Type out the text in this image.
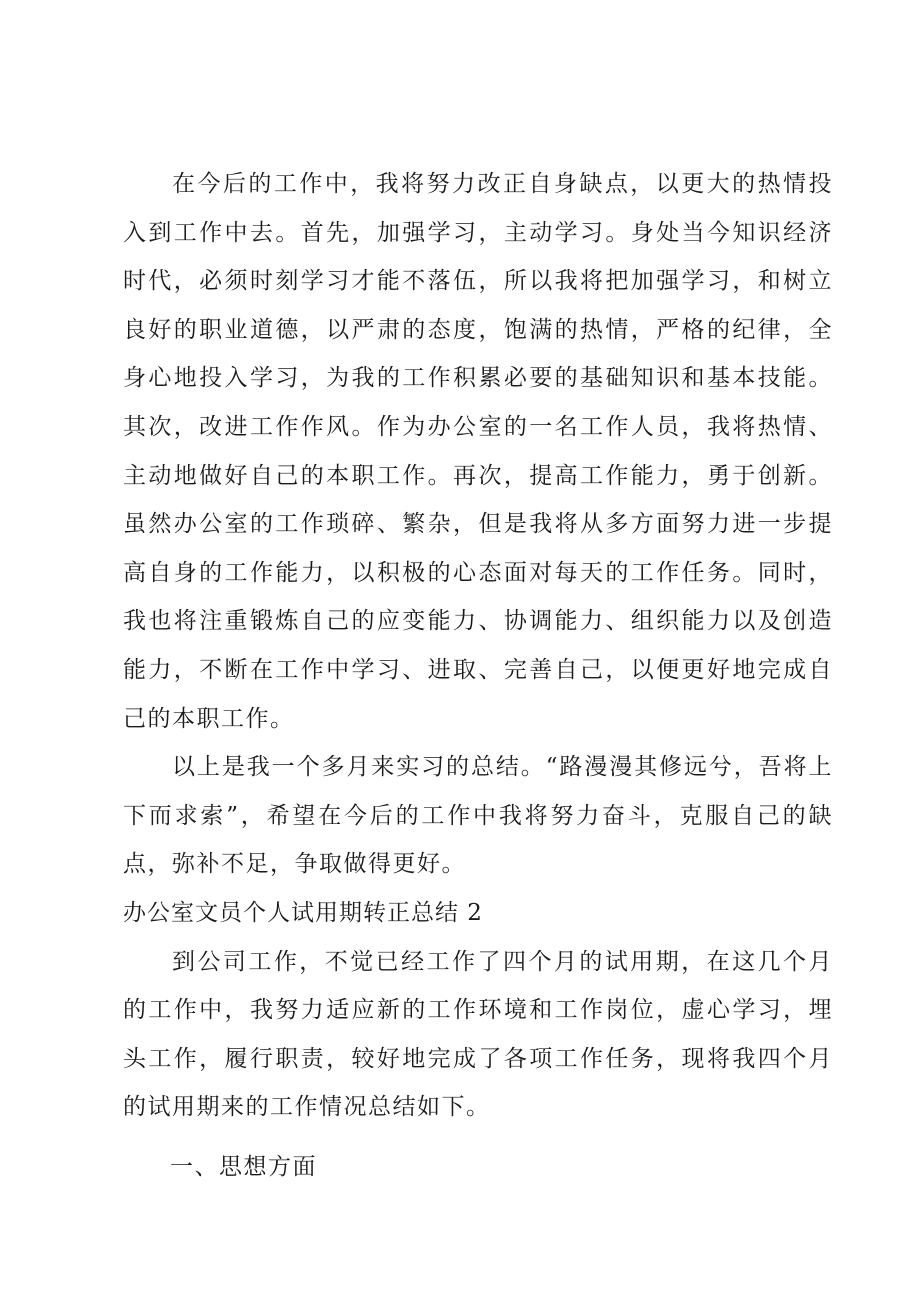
在今后的工作中，我将努力改正自身缺点，以更大的热情投入到工作中去。首先，加强学习，主动学习。身处当今知识经济时代，必须时刻学习才能不落伍，所以我将把加强学习，和树立良好的职业道德，以严肃的态度，饱满的热情，严格的纪律，全身心地投入学习，为我的工作积累必要的基础知识和基本技能。其次，改进工作作风。作为办公室的一名工作人员，我将热情、主动地做好自己的本职工作。再次，提高工作能力，勇于创新。虽然办公室的工作琐碎、繁杂，但是我将从多方面努力进一步提高自身的工作能力，以积极的心态面对每天的工作任务。同时，我也将注重锻炼自己的应变能力、协调能力、组织能力以及创造能力，不断在工作中学习、进取、完善自己，以便更好地完成自己的本职工作。

以上是我一个多月来实习的总结。“路漫漫其修远兮，吾将上下而求索”，希望在今后的工作中我将努力奋斗，克服自己的缺点，弥补不足，争取做得更好。

办公室文员个人试用期转正总结 2

到公司工作，不觉已经工作了四个月的试用期，在这几个月的工作中，我努力适应新的工作环境和工作岗位，虚心学习，埋头工作，履行职责，较好地完成了各项工作任务，现将我四个月的试用期来的工作情况总结如下。

一、思想方面
